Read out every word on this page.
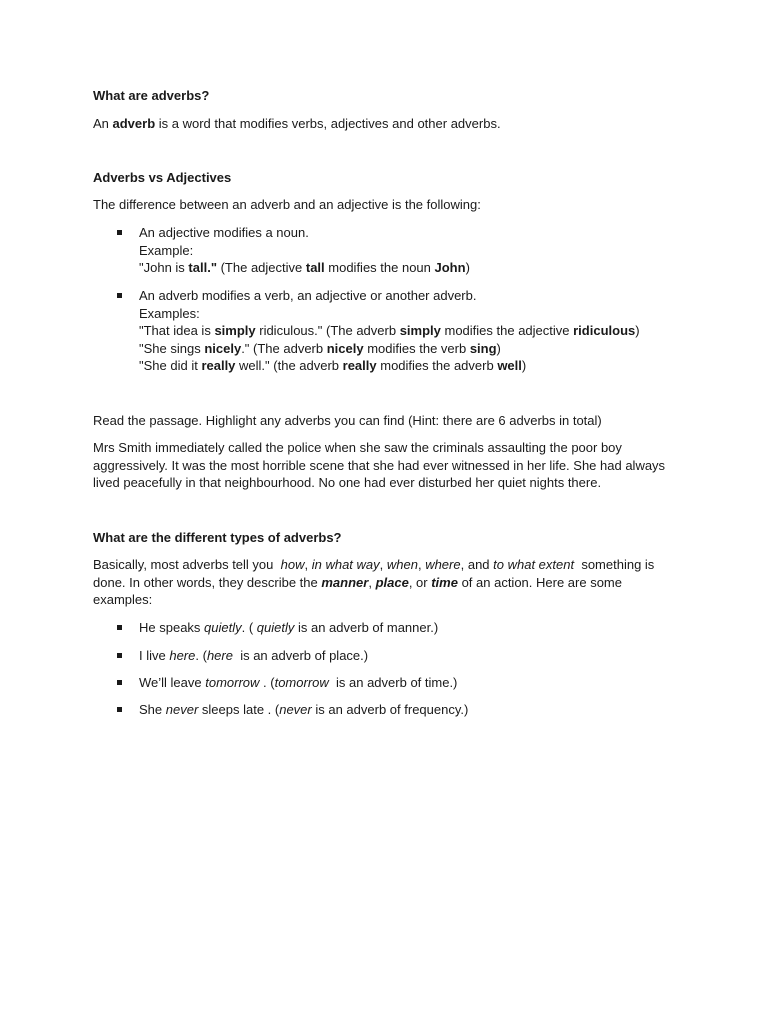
What are adverbs?

An adverb is a word that modifies verbs, adjectives and other adverbs.

Adverbs vs Adjectives

The difference between an adverb and an adjective is the following:

An adjective modifies a noun.
Example:
"John is tall." (The adjective tall modifies the noun John)
An adverb modifies a verb, an adjective or another adverb.
Examples:
"That idea is simply ridiculous." (The adverb simply modifies the adjective ridiculous)
"She sings nicely." (The adverb nicely modifies the verb sing)
"She did it really well." (the adverb really modifies the adverb well)

Read the passage. Highlight any adverbs you can find (Hint: there are 6 adverbs in total)

Mrs Smith immediately called the police when she saw the criminals assaulting the poor boy
aggressively. It was the most horrible scene that she had ever witnessed in her life. She had always
lived peacefully in that neighbourhood. No one had ever disturbed her quiet nights there.

What are the different types of adverbs?

Basically, most adverbs tell you  how, in what way, when, where, and to what extent  something is
done. In other words, they describe the manner, place, or time of an action. Here are some
examples:
He speaks quietly. ( quietly is an adverb of manner.)
I live here. (here  is an adverb of place.)
We’ll leave tomorrow . (tomorrow  is an adverb of time.)
She never sleeps late . (never is an adverb of frequency.)
